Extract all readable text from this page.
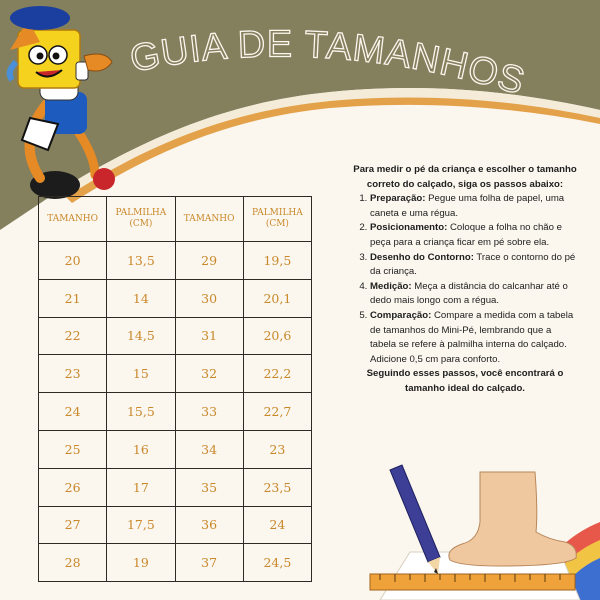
GUIA DE TAMANHOS
TAMANHO	PALMILHA (CM)	TAMANHO	PALMILHA (CM)
20	13,5	29	19,5
21	14	30	20,1
22	14,5	31	20,6
23	15	32	22,2
24	15,5	33	22,7
25	16	34	23
26	17	35	23,5
27	17,5	36	24
28	19	37	24,5

Para medir o pé da criança e escolher o tamanho correto do calçado, siga os passos abaixo:

1. Preparação: Pegue uma folha de papel, uma caneta e uma régua.
2. Posicionamento: Coloque a folha no chão e peça para a criança ficar em pé sobre ela.
3. Desenho do Contorno: Trace o contorno do pé da criança.
4. Medição: Meça a distância do calcanhar até o dedo mais longo com a régua.
5. Comparação: Compare a medida com a tabela de tamanhos do Mini-Pé, lembrando que a tabela se refere à palmilha interna do calçado. Adicione 0,5 cm para conforto.

Seguindo esses passos, você encontrará o tamanho ideal do calçado.
